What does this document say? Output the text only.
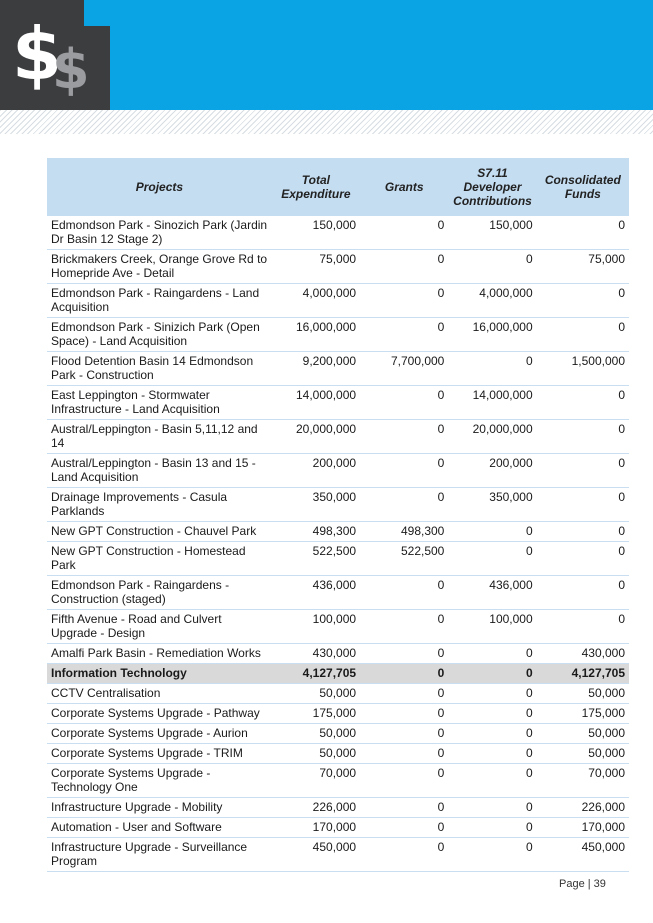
$
$
Projects	Total Expenditure	Grants	S7.11 Developer Contributions	Consolidated Funds
Edmondson Park - Sinozich Park (Jardin Dr Basin 12 Stage 2)	150,000	0	150,000	0
Brickmakers Creek, Orange Grove Rd to Homepride Ave - Detail	75,000	0	0	75,000
Edmondson Park - Raingardens - Land Acquisition	4,000,000	0	4,000,000	0
Edmondson Park - Sinizich Park (Open Space) - Land Acquisition	16,000,000	0	16,000,000	0
Flood Detention Basin 14 Edmondson Park - Construction	9,200,000	7,700,000	0	1,500,000
East Leppington - Stormwater Infrastructure - Land Acquisition	14,000,000	0	14,000,000	0
Austral/Leppington - Basin 5,11,12 and 14	20,000,000	0	20,000,000	0
Austral/Leppington - Basin 13 and 15 - Land Acquisition	200,000	0	200,000	0
Drainage Improvements - Casula Parklands	350,000	0	350,000	0
New GPT Construction - Chauvel Park	498,300	498,300	0	0
New GPT Construction - Homestead Park	522,500	522,500	0	0
Edmondson Park - Raingardens - Construction (staged)	436,000	0	436,000	0
Fifth Avenue - Road and Culvert Upgrade - Design	100,000	0	100,000	0
Amalfi Park Basin - Remediation Works	430,000	0	0	430,000
Information Technology	4,127,705	0	0	4,127,705
CCTV Centralisation	50,000	0	0	50,000
Corporate Systems Upgrade - Pathway	175,000	0	0	175,000
Corporate Systems Upgrade - Aurion	50,000	0	0	50,000
Corporate Systems Upgrade - TRIM	50,000	0	0	50,000
Corporate Systems Upgrade - Technology One	70,000	0	0	70,000
Infrastructure Upgrade - Mobility	226,000	0	0	226,000
Automation - User and Software	170,000	0	0	170,000
Infrastructure Upgrade - Surveillance Program	450,000	0	0	450,000
Page | 39
